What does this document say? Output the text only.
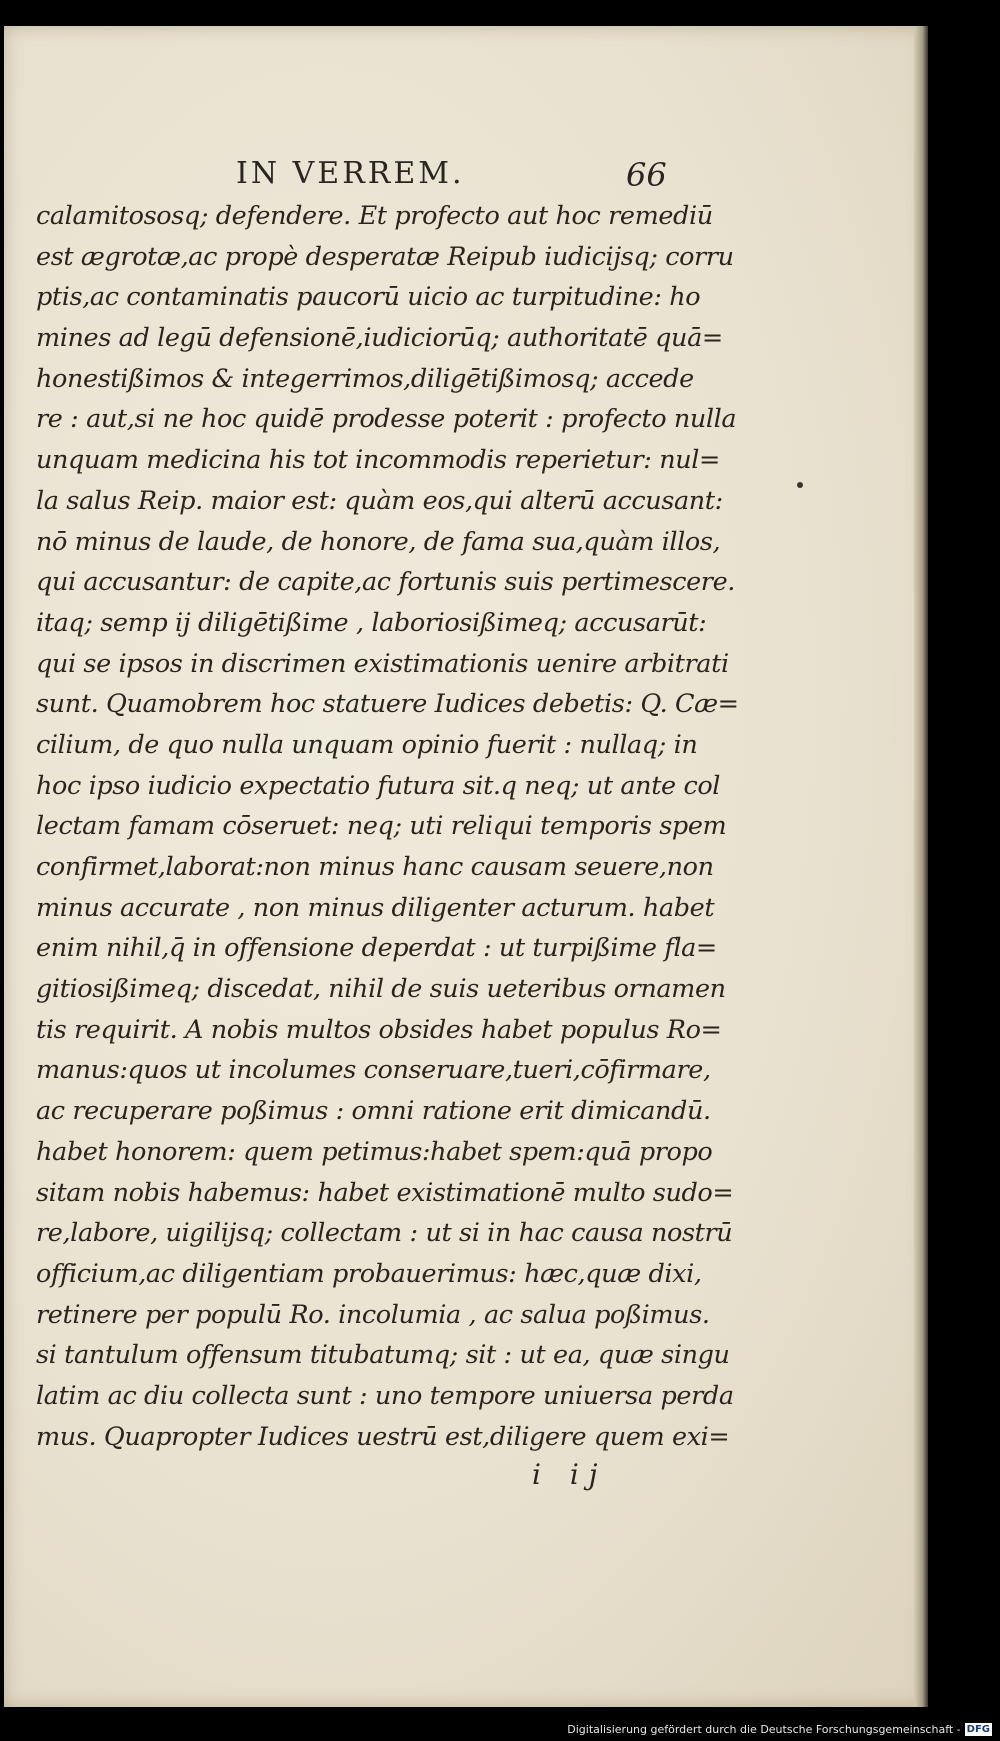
IN VERREM.	66
calamitososq; defendere. Et profecto aut hoc remediū
est ægrotæ,ac propè desperatæ Reipub iudicijsq; corru
ptis,ac contaminatis paucorū uicio ac turpitudine: ho
mines ad legū defensionē,iudiciorūq; authoritatē quā=
honestißimos & integerrimos,diligētißimosq; accede
re : aut,si ne hoc quidē prodesse poterit : profecto nulla
unquam medicina his tot incommodis reperietur: nul=
la salus Reip. maior est: quàm eos,qui alterū accusant:
nō minus de laude, de honore, de fama sua,quàm illos,
qui accusantur: de capite,ac fortunis suis pertimescere.
itaq; semp ij diligētißime , laboriosißimeq; accusarūt:
qui se ipsos in discrimen existimationis uenire arbitrati
sunt. Quamobrem hoc statuere Iudices debetis: Q. Cæ=
cilium, de quo nulla unquam opinio fuerit : nullaq; in
hoc ipso iudicio expectatio futura sit.q neq; ut ante col
lectam famam cōseruet: neq; uti reliqui temporis spem
confirmet,laborat:non minus hanc causam seuere,non
minus accurate , non minus diligenter acturum. habet
enim nihil,q̄ in offensione deperdat : ut turpißime fla=
gitiosißimeq; discedat, nihil de suis ueteribus ornamen
tis requirit. A nobis multos obsides habet populus Ro=
manus:quos ut incolumes conseruare,tueri,cōfirmare,
ac recuperare poßimus : omni ratione erit dimicandū.
habet honorem: quem petimus:habet spem:quā propo
sitam nobis habemus: habet existimationē multo sudo=
re,labore, uigilijsq; collectam : ut si in hac causa nostrū
officium,ac diligentiam probauerimus: hæc,quæ dixi,
retinere per populū Ro. incolumia , ac salua poßimus.
si tantulum offensum titubatumq; sit : ut ea, quæ singu
latim ac diu collecta sunt : uno tempore uniuersa perda
mus. Quapropter Iudices uestrū est,diligere quem exi=
i ij
Digitalisierung gefördert durch die Deutsche Forschungsgemeinschaft - DFG
